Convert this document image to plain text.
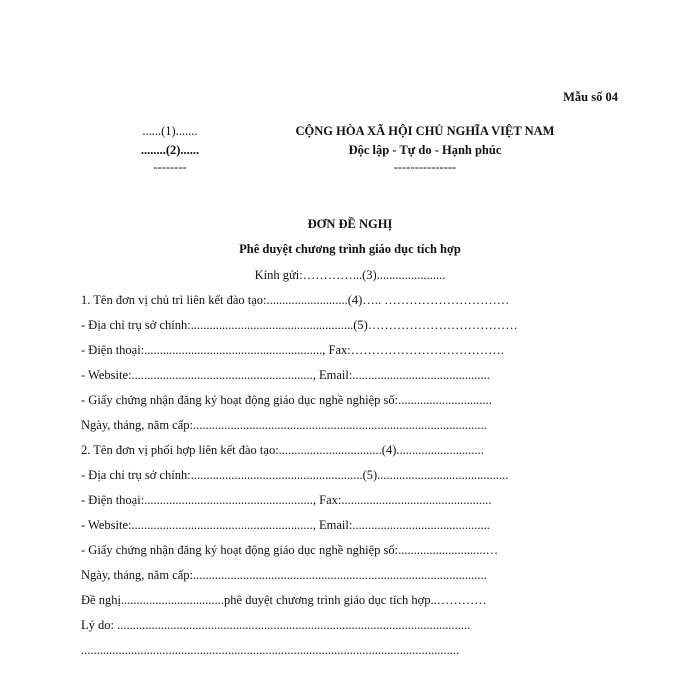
Mẫu số 04
......(1).......
........(2)......
--------
CỘNG HÒA XÃ HỘI CHỦ NGHĨA VIỆT NAM
Độc lập - Tự do - Hạnh phúc
---------------
ĐƠN ĐỀ NGHỊ
Phê duyệt chương trình giáo dục tích hợp
Kính gửi:…………...(3)......................
1. Tên đơn vị chủ trì liên kết đào tạo:..........................(4)….. …………………………
- Địa chỉ trụ sở chính:....................................................(5)………………………………
- Điện thoại:........................................................., Fax:……………………………….
- Website:.........................................................., Email:............................................
- Giấy chứng nhận đăng ký hoạt động giáo dục nghề nghiệp số:..............................
Ngày, tháng, năm cấp:..............................................................................................
2. Tên đơn vị phối hợp liên kết đào tạo:.................................(4)............................
- Địa chỉ trụ sở chính:.......................................................(5)..........................................
- Điện thoại:......................................................, Fax:................................................
- Website:.........................................................., Email:............................................
- Giấy chứng nhận đăng ký hoạt động giáo dục nghề nghiệp số:............................…
Ngày, tháng, năm cấp:..............................................................................................
Đề nghị.................................phê duyệt chương trình giáo dục tích hợp..…………
Lý do: .................................................................................................................
.........................................................................................................................
